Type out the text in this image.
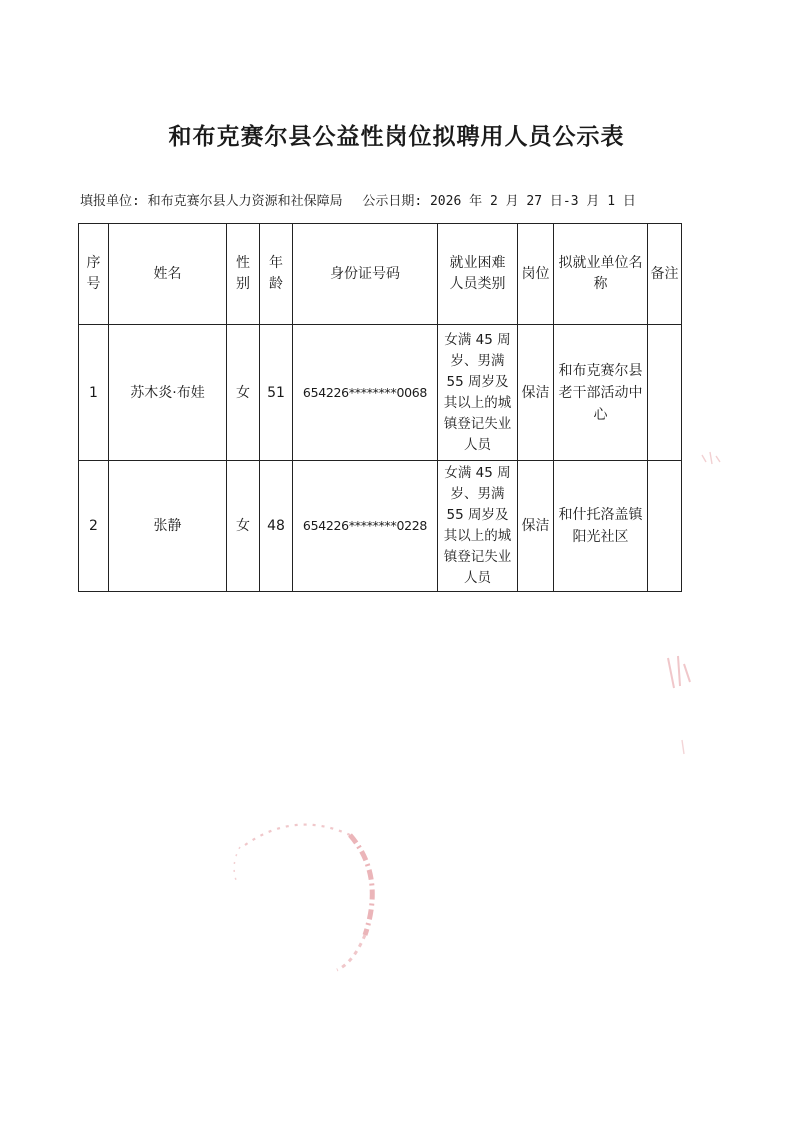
和布克赛尔县公益性岗位拟聘用人员公示表
填报单位: 和布克赛尔县人力资源和社保障局 公示日期: 2026 年 2 月 27 日-3 月 1 日
序号	姓名	性别	年龄	身份证号码	就业困难人员类别	岗位	拟就业单位名称	备注
1	苏木炎·布娃	女	51	654226********0068	女满 45 周岁、男满 55 周岁及其以上的城镇登记失业人员	保洁	和布克赛尔县老干部活动中心	
2	张静	女	48	654226********0228	女满 45 周岁、男满 55 周岁及其以上的城镇登记失业人员	保洁	和什托洛盖镇阳光社区	
